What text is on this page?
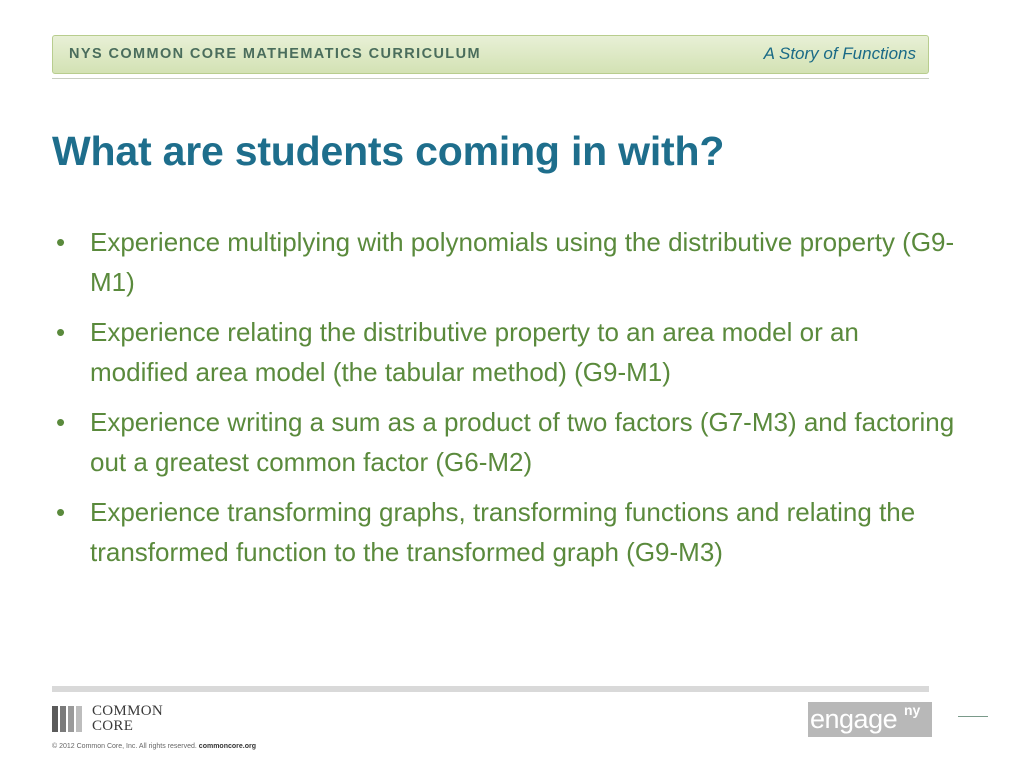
NYS COMMON CORE MATHEMATICS CURRICULUM	A Story of Functions
What are students coming in with?
• Experience multiplying with polynomials using the distributive property (G9-M1)
• Experience relating the distributive property to an area model or an modified area model (the tabular method) (G9-M1)
• Experience writing a sum as a product of two factors (G7-M3) and factoring out a greatest common factor (G6-M2)
• Experience transforming graphs, transforming functions and relating the transformed function to the transformed graph (G9-M3)
COMMON
CORE
© 2012 Common Core, Inc. All rights reserved. commoncore.org
engage ny
